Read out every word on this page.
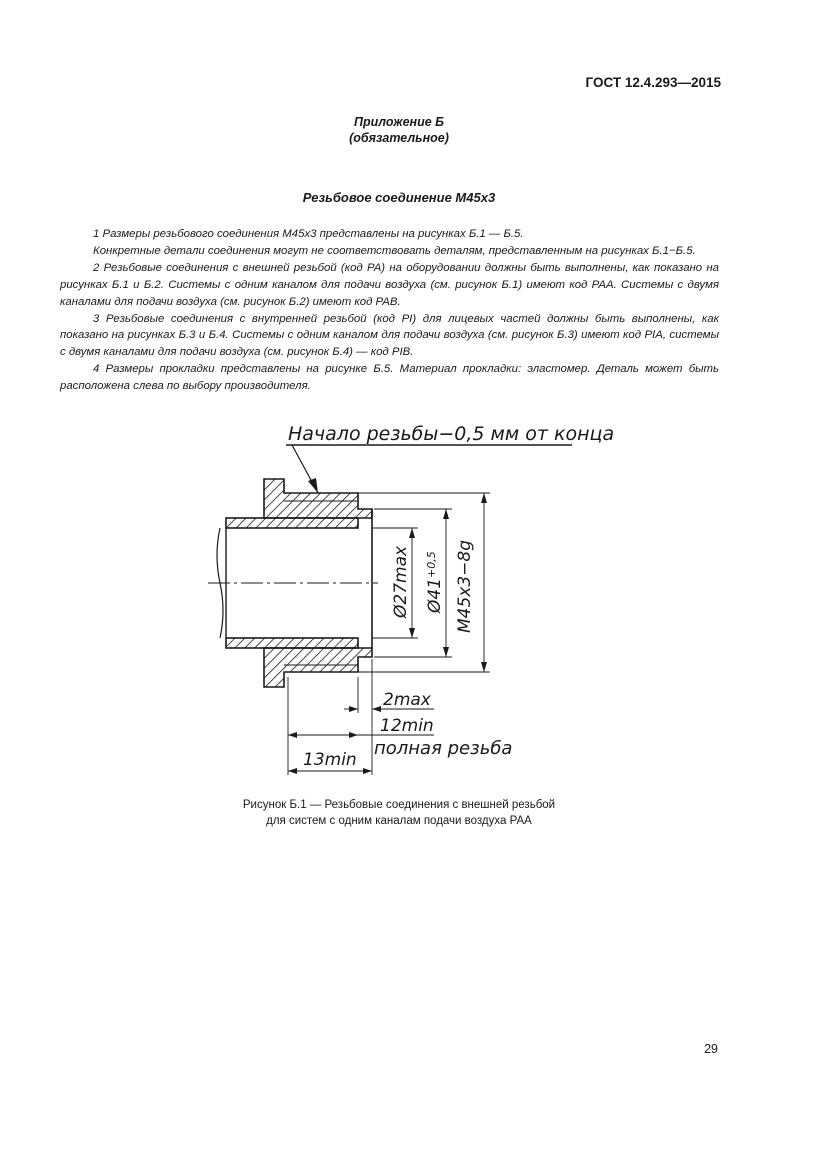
ГОСТ 12.4.293—2015
Приложение Б
(обязательное)
Резьбовое соединение М45х3

1 Размеры резьбового соединения М45х3 представлены на рисунках Б.1 — Б.5.

Конкретные детали соединения могут не соответствовать деталям, представленным на рисунках Б.1−Б.5.

2 Резьбовые соединения с внешней резьбой (код РА) на оборудовании должны быть выполнены, как показано на рисунках Б.1 и Б.2. Системы с одним каналом для подачи воздуха (см. рисунок Б.1) имеют код РАА. Системы с двумя каналами для подачи воздуха (см. рисунок Б.2) имеют код РАВ.

3 Резьбовые соединения с внутренней резьбой (код PI) для лицевых частей должны быть выполнены, как показано на рисунках Б.3 и Б.4. Системы с одним каналом для подачи воздуха (см. рисунок Б.3) имеют код PIA, системы с двумя каналами для подачи воздуха (см. рисунок Б.4) — код PIB.

4 Размеры прокладки представлены на рисунке Б.5. Материал прокладки: эластомер. Деталь может быть расположена слева по выбору производителя.

Начало резьбы−0,5 мм от конца
Ø27max $Ø41^{+0,5}$	М45х3−8g
2max
12min
13min
полная резьба
Рисунок Б.1 — Резьбовые соединения с внешней резьбой
для систем с одним каналам подачи воздуха РАА
29
